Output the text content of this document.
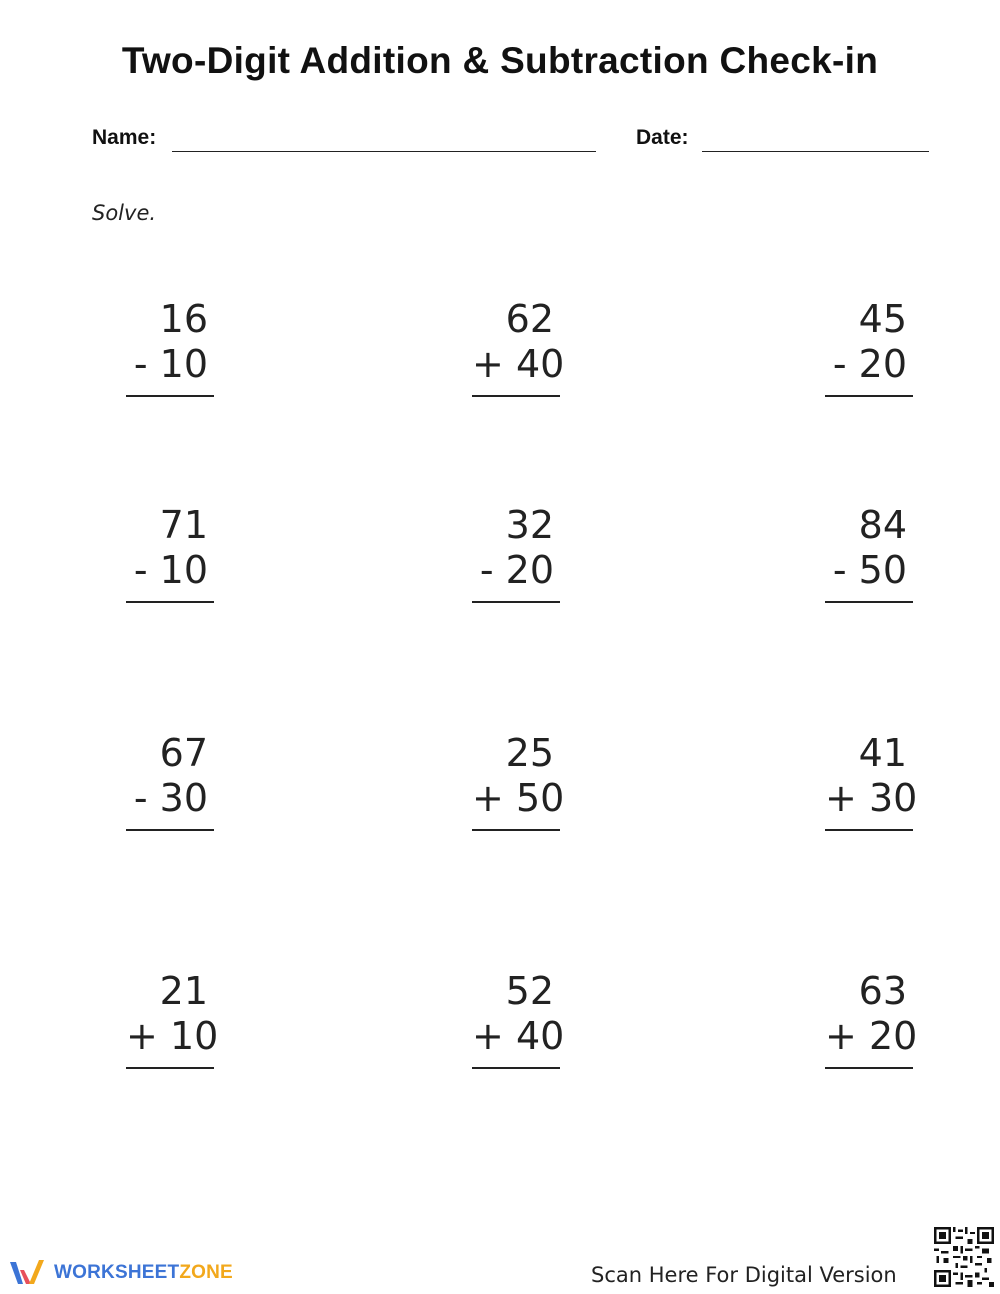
Two-Digit Addition & Subtraction Check-in
Name:	Date:
Solve.
16
- 10
62
+ 40
45
- 20
71
- 10
32
- 20
84
- 50
67
- 30
25
+ 50
41
+ 30
21
+ 10
52
+ 40
63
+ 20
WORKSHEETZONE	Scan Here For Digital Version
